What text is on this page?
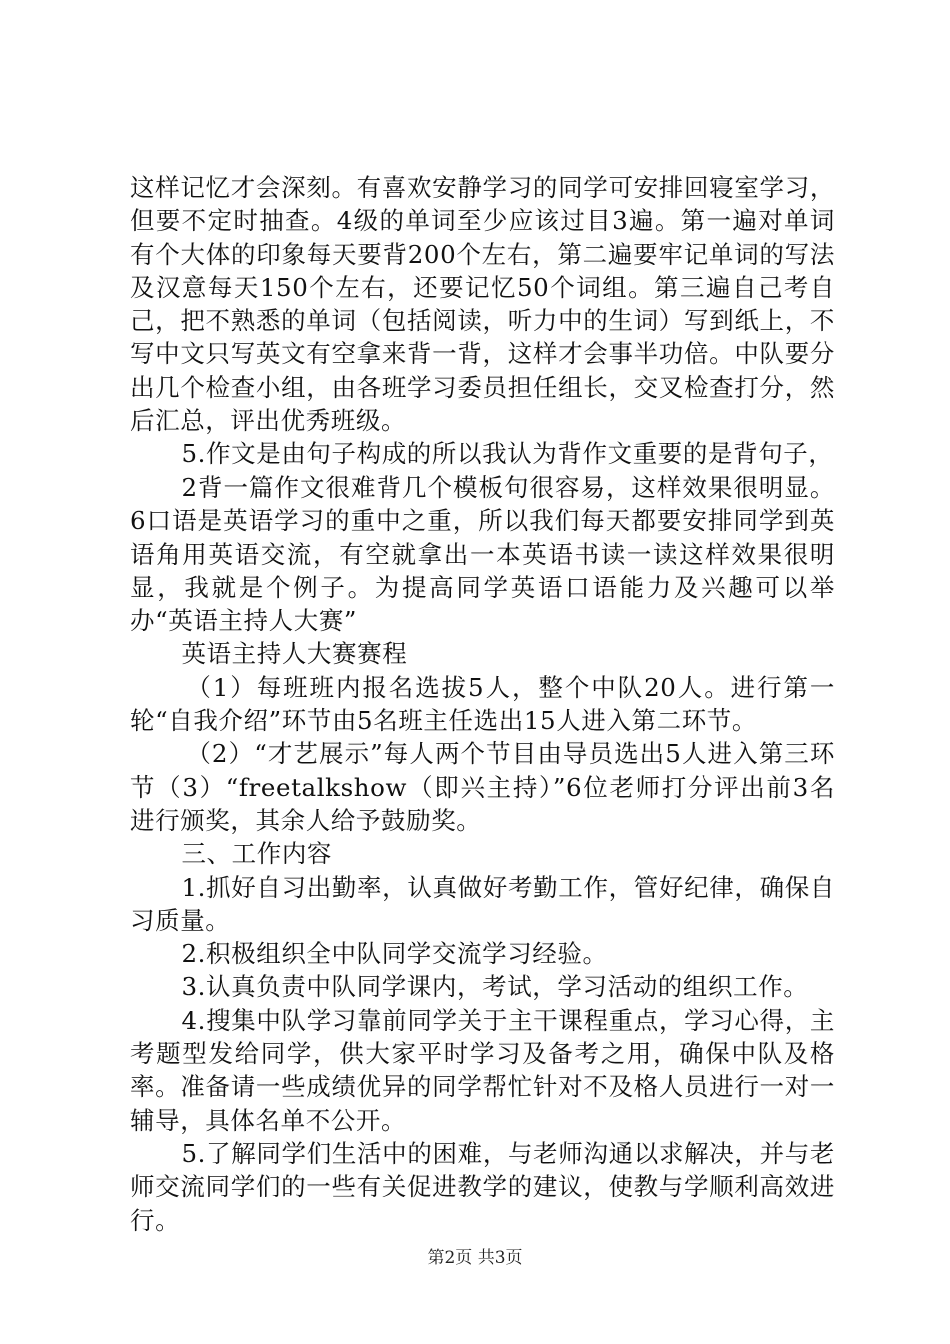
这样记忆才会深刻。有喜欢安静学习的同学可安排回寝室学习，但要不定时抽查。4级的单词至少应该过目3遍。第一遍对单词有个大体的印象每天要背200个左右，第二遍要牢记单词的写法及汉意每天150个左右，还要记忆50个词组。第三遍自己考自己，把不熟悉的单词（包括阅读，听力中的生词）写到纸上，不写中文只写英文有空拿来背一背，这样才会事半功倍。中队要分出几个检查小组，由各班学习委员担任组长，交叉检查打分，然后汇总，评出优秀班级。

5.作文是由句子构成的所以我认为背作文重要的是背句子，

2背一篇作文很难背几个模板句很容易，这样效果很明显。6口语是英语学习的重中之重，所以我们每天都要安排同学到英语角用英语交流，有空就拿出一本英语书读一读这样效果很明显，我就是个例子。为提高同学英语口语能力及兴趣可以举办“英语主持人大赛”

英语主持人大赛赛程

（1）每班班内报名选拔5人，整个中队20人。进行第一轮“自我介绍”环节由5名班主任选出15人进入第二环节。

（2）“才艺展示”每人两个节目由导员选出5人进入第三环节（3）“freetalkshow（即兴主持）”6位老师打分评出前3名进行颁奖，其余人给予鼓励奖。

三、工作内容

1.抓好自习出勤率，认真做好考勤工作，管好纪律，确保自习质量。

2.积极组织全中队同学交流学习经验。

3.认真负责中队同学课内，考试，学习活动的组织工作。

4.搜集中队学习靠前同学关于主干课程重点，学习心得，主考题型发给同学，供大家平时学习及备考之用，确保中队及格率。准备请一些成绩优异的同学帮忙针对不及格人员进行一对一辅导，具体名单不公开。

5.了解同学们生活中的困难，与老师沟通以求解决，并与老师交流同学们的一些有关促进教学的建议，使教与学顺利高效进行。

第2页 共3页
